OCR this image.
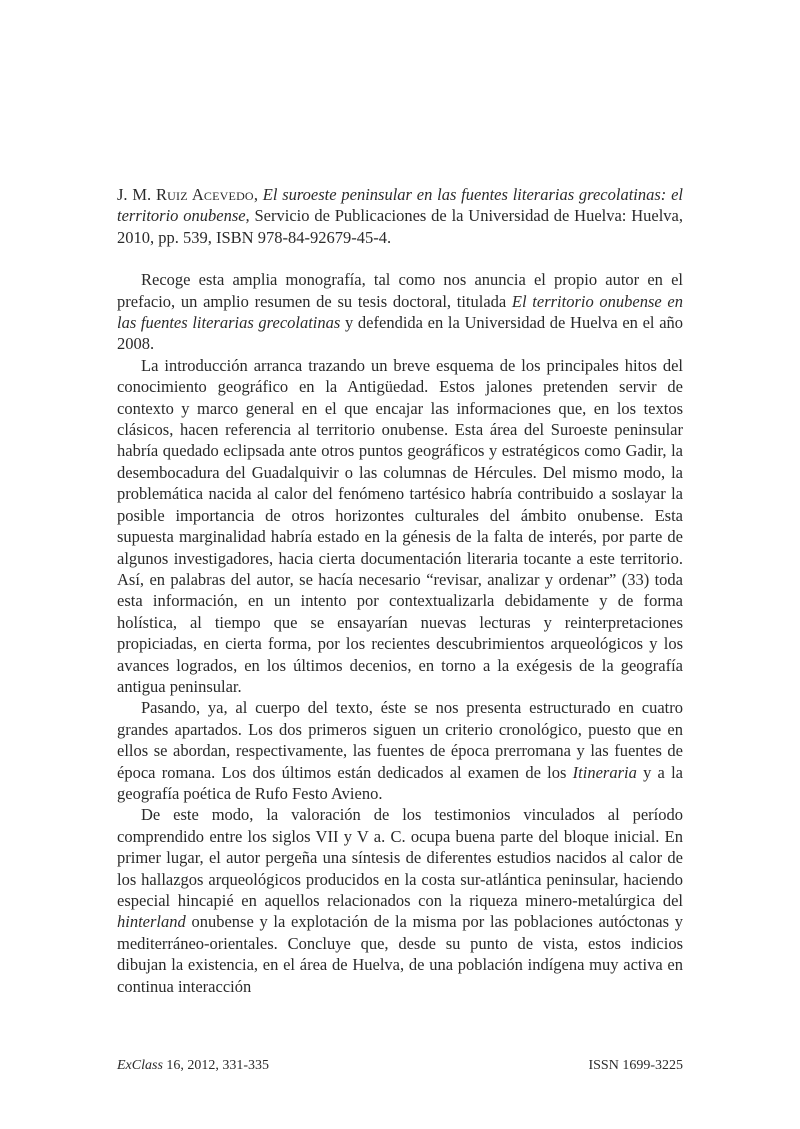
J. M. Ruiz Acevedo, El suroeste peninsular en las fuentes literarias grecolatinas: el territorio onubense, Servicio de Publicaciones de la Universidad de Huelva: Huelva, 2010, pp. 539, ISBN 978-84-92679-45-4.

Recoge esta amplia monografía, tal como nos anuncia el propio autor en el prefacio, un amplio resumen de su tesis doctoral, titulada El territorio onubense en las fuentes literarias grecolatinas y defendida en la Universidad de Huelva en el año 2008.

La introducción arranca trazando un breve esquema de los principales hitos del conocimiento geográfico en la Antigüedad. Estos jalones pretenden servir de contexto y marco general en el que encajar las informaciones que, en los textos clásicos, hacen referencia al territorio onubense. Esta área del Suroeste peninsular habría quedado eclipsada ante otros puntos geográficos y estratégicos como Gadir, la desembocadura del Guadalquivir o las columnas de Hércules. Del mismo modo, la problemática nacida al calor del fenómeno tartésico habría contribuido a soslayar la posible importancia de otros horizontes culturales del ámbito onubense. Esta supuesta marginalidad habría estado en la génesis de la falta de interés, por parte de algunos investigadores, hacia cierta documentación literaria tocante a este territorio. Así, en palabras del autor, se hacía necesario “revisar, analizar y ordenar” (33) toda esta información, en un intento por contextualizarla debidamente y de forma holística, al tiempo que se ensayarían nuevas lecturas y reinterpretaciones propiciadas, en cierta forma, por los recientes descubrimientos arqueológicos y los avances logrados, en los últimos decenios, en torno a la exégesis de la geografía antigua peninsular.

Pasando, ya, al cuerpo del texto, éste se nos presenta estructurado en cuatro grandes apartados. Los dos primeros siguen un criterio cronológico, puesto que en ellos se abordan, respectivamente, las fuentes de época prerromana y las fuentes de época romana. Los dos últimos están dedicados al examen de los Itineraria y a la geografía poética de Rufo Festo Avieno.

De este modo, la valoración de los testimonios vinculados al período comprendido entre los siglos VII y V a. C. ocupa buena parte del bloque inicial. En primer lugar, el autor pergeña una síntesis de diferentes estudios nacidos al calor de los hallazgos arqueológicos producidos en la costa sur-atlántica peninsular, haciendo especial hincapié en aquellos relacionados con la riqueza minero-metalúrgica del hinterland onubense y la explotación de la misma por las poblaciones autóctonas y mediterráneo-orientales. Concluye que, desde su punto de vista, estos indicios dibujan la existencia, en el área de Huelva, de una población indígena muy activa en continua interacción

ExClass 16, 2012, 331-335	ISSN 1699-3225
